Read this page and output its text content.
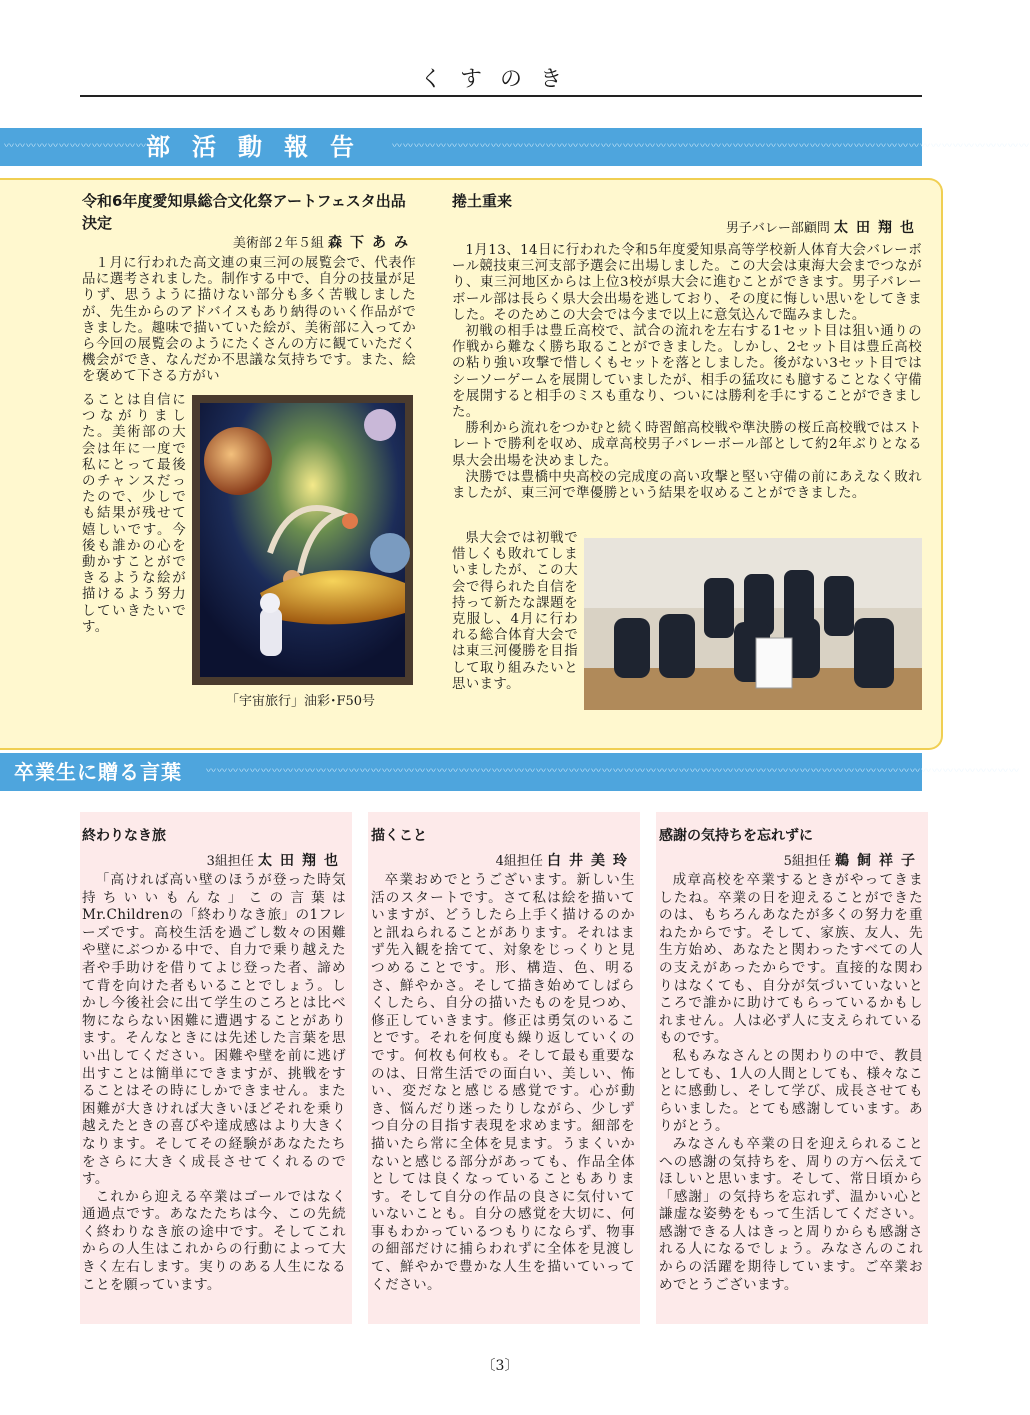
くすのき
〰〰〰〰〰〰〰〰〰〰〰〰〰〰
部活動報告 〰〰〰〰〰〰〰〰〰〰〰〰〰〰〰〰〰〰〰〰〰〰〰〰〰〰〰〰〰〰〰〰〰〰〰〰〰〰〰〰〰〰〰〰〰〰〰〰〰〰〰〰〰〰〰〰〰〰
令和6年度愛知県総合文化祭アートフェスタ出品決定
美術部２年５組 森下あみ

１月に行われた高文連の東三河の展覧会で、代表作品に選考されました。制作する中で、自分の技量が足りず、思うように描けない部分も多く苦戦しましたが、先生からのアドバイスもあり納得のいく作品ができました。趣味で描いていた絵が、美術部に入ってから今回の展覧会のようにたくさんの方に観ていただく機会ができ、なんだか不思議な気持ちです。また、絵を褒めて下さる方がい

ることは自信につながりました。美術部の大会は年に一度で私にとって最後のチャンスだったので、少しでも結果が残せて嬉しいです。今後も誰かの心を動かすことができるような絵が描けるよう努力していきたいです。

「宇宙旅行」油彩･F50号
捲土重来
男子バレー部顧問 太田翔也

1月13、14日に行われた令和5年度愛知県高等学校新人体育大会バレーボール競技東三河支部予選会に出場しました。この大会は東海大会までつながり、東三河地区からは上位3校が県大会に進むことができます。男子バレーボール部は長らく県大会出場を逃しており、その度に悔しい思いをしてきました。そのためこの大会では今まで以上に意気込んで臨みました。

初戦の相手は豊丘高校で、試合の流れを左右する1セット目は狙い通りの作戦から難なく勝ち取ることができました。しかし、2セット目は豊丘高校の粘り強い攻撃で惜しくもセットを落としました。後がない3セット目ではシーソーゲームを展開していましたが、相手の猛攻にも臆することなく守備を展開すると相手のミスも重なり、ついには勝利を手にすることができました。

勝利から流れをつかむと続く時習館高校戦や準決勝の桜丘高校戦ではストレートで勝利を収め、成章高校男子バレーボール部として約2年ぶりとなる県大会出場を決めました。

決勝では豊橋中央高校の完成度の高い攻撃と堅い守備の前にあえなく敗れましたが、東三河で準優勝という結果を収めることができました。

県大会では初戦で惜しくも敗れてしまいましたが、この大会で得られた自信を持って新たな課題を克服し、4月に行われる総合体育大会では東三河優勝を目指して取り組みたいと思います。

卒業生に贈る言葉 〰〰〰〰〰〰〰〰〰〰〰〰〰〰〰〰〰〰〰〰〰〰〰〰〰〰〰〰〰〰〰〰〰〰〰〰〰〰〰〰〰〰〰〰〰〰〰〰〰〰〰〰〰〰〰〰〰〰〰〰〰〰〰〰〰〰〰〰〰〰〰〰〰〰
終わりなき旅
3組担任 太田翔也

「高ければ高い壁のほうが登った時気持ちいいもんな」この言葉はMr.Childrenの「終わりなき旅」の1フレーズです。高校生活を過ごし数々の困難や壁にぶつかる中で、自力で乗り越えた者や手助けを借りてよじ登った者、諦めて背を向けた者もいることでしょう。しかし今後社会に出て学生のころとは比べ物にならない困難に遭遇することがあります。そんなときには先述した言葉を思い出してください。困難や壁を前に逃げ出すことは簡単にできますが、挑戦をすることはその時にしかできません。また困難が大きければ大きいほどそれを乗り越えたときの喜びや達成感はより大きくなります。そしてその経験があなたたちをさらに大きく成長させてくれるのです。

これから迎える卒業はゴールではなく通過点です。あなたたちは今、この先続く終わりなき旅の途中です。そしてこれからの人生はこれからの行動によって大きく左右します。実りのある人生になることを願っています。

描くこと
4組担任 白井美玲

卒業おめでとうございます。新しい生活のスタートです。さて私は絵を描いていますが、どうしたら上手く描けるのかと訊ねられることがあります。それはまず先入観を捨てて、対象をじっくりと見つめることです。形、構造、色、明るさ、鮮やかさ。そして描き始めてしばらくしたら、自分の描いたものを見つめ、修正していきます。修正は勇気のいることです。それを何度も繰り返していくのです。何枚も何枚も。そして最も重要なのは、日常生活での面白い、美しい、怖い、変だなと感じる感覚です。心が動き、悩んだり迷ったりしながら、少しずつ自分の目指す表現を求めます。細部を描いたら常に全体を見ます。うまくいかないと感じる部分があっても、作品全体としては良くなっていることもあります。そして自分の作品の良さに気付いていないことも。自分の感覚を大切に、何事もわかっているつもりにならず、物事の細部だけに捕らわれずに全体を見渡して、鮮やかで豊かな人生を描いていってください。

感謝の気持ちを忘れずに
5組担任 鵜飼祥子

成章高校を卒業するときがやってきましたね。卒業の日を迎えることができたのは、もちろんあなたが多くの努力を重ねたからです。そして、家族、友人、先生方始め、あなたと関わったすべての人の支えがあったからです。直接的な関わりはなくても、自分が気づいていないところで誰かに助けてもらっているかもしれません。人は必ず人に支えられているものです。

私もみなさんとの関わりの中で、教員としても、1人の人間としても、様々なことに感動し、そして学び、成長させてもらいました。とても感謝しています。ありがとう。

みなさんも卒業の日を迎えられることへの感謝の気持ちを、周りの方へ伝えてほしいと思います。そして、常日頃から「感謝」の気持ちを忘れず、温かい心と謙虚な姿勢をもって生活してください。感謝できる人はきっと周りからも感謝される人になるでしょう。みなさんのこれからの活躍を期待しています。ご卒業おめでとうございます。

〔3〕
